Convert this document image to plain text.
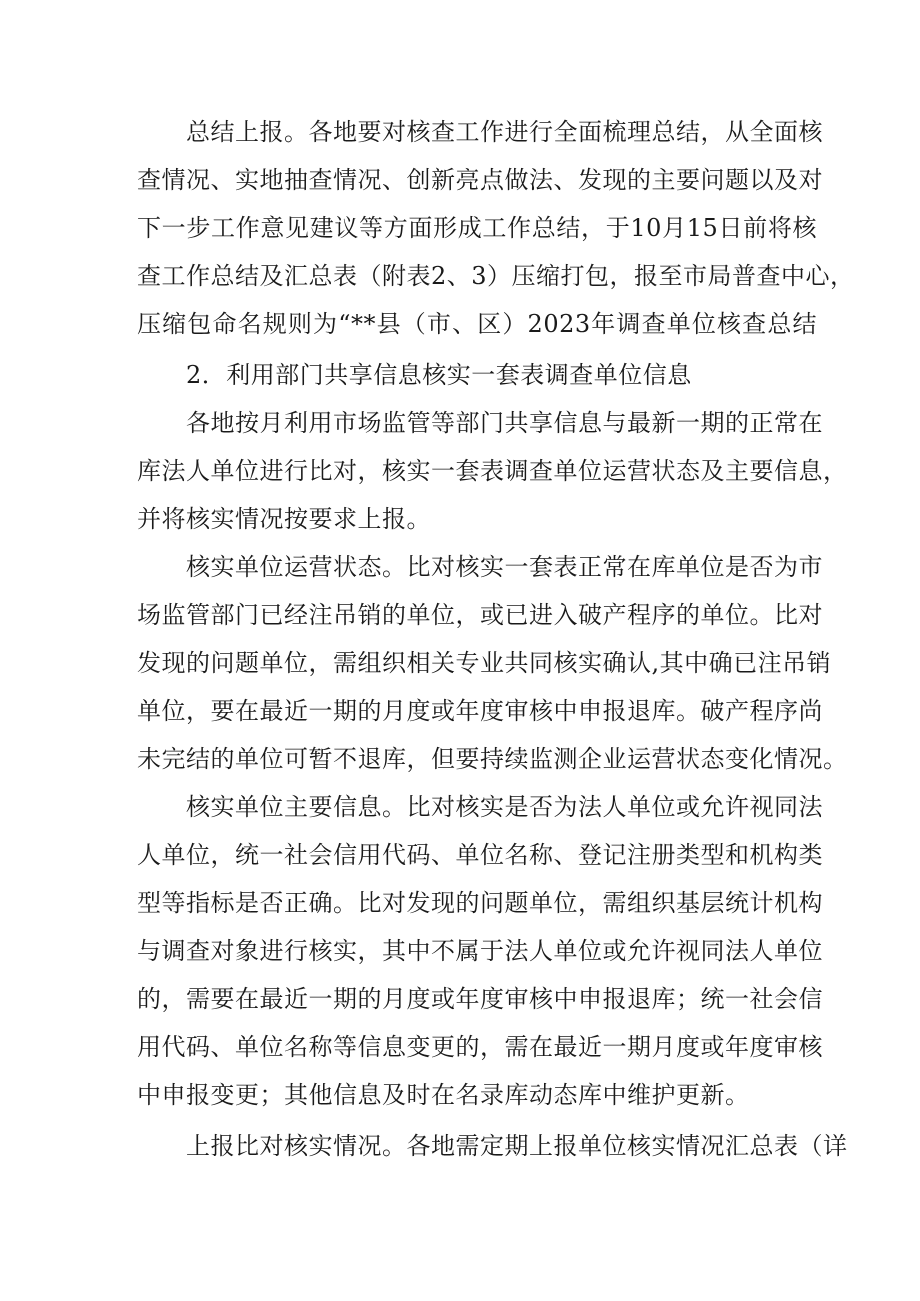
总结上报。各地要对核查工作进行全面梳理总结，从全面核
查情况、实地抽查情况、创新亮点做法、发现的主要问题以及对
下一步工作意见建议等方面形成工作总结，于10月15日前将核
查工作总结及汇总表（附表2、3）压缩打包，报至市局普查中心，
压缩包命名规则为“**县（市、区）2023年调查单位核查总结
2．利用部门共享信息核实一套表调查单位信息
各地按月利用市场监管等部门共享信息与最新一期的正常在
库法人单位进行比对，核实一套表调查单位运营状态及主要信息，
并将核实情况按要求上报。
核实单位运营状态。比对核实一套表正常在库单位是否为市
场监管部门已经注吊销的单位，或已进入破产程序的单位。比对
发现的问题单位，需组织相关专业共同核实确认,其中确已注吊销
单位，要在最近一期的月度或年度审核中申报退库。破产程序尚
未完结的单位可暂不退库，但要持续监测企业运营状态变化情况。
核实单位主要信息。比对核实是否为法人单位或允许视同法
人单位，统一社会信用代码、单位名称、登记注册类型和机构类
型等指标是否正确。比对发现的问题单位，需组织基层统计机构
与调查对象进行核实，其中不属于法人单位或允许视同法人单位
的，需要在最近一期的月度或年度审核中申报退库；统一社会信
用代码、单位名称等信息变更的，需在最近一期月度或年度审核
中申报变更；其他信息及时在名录库动态库中维护更新。
上报比对核实情况。各地需定期上报单位核实情况汇总表（详
